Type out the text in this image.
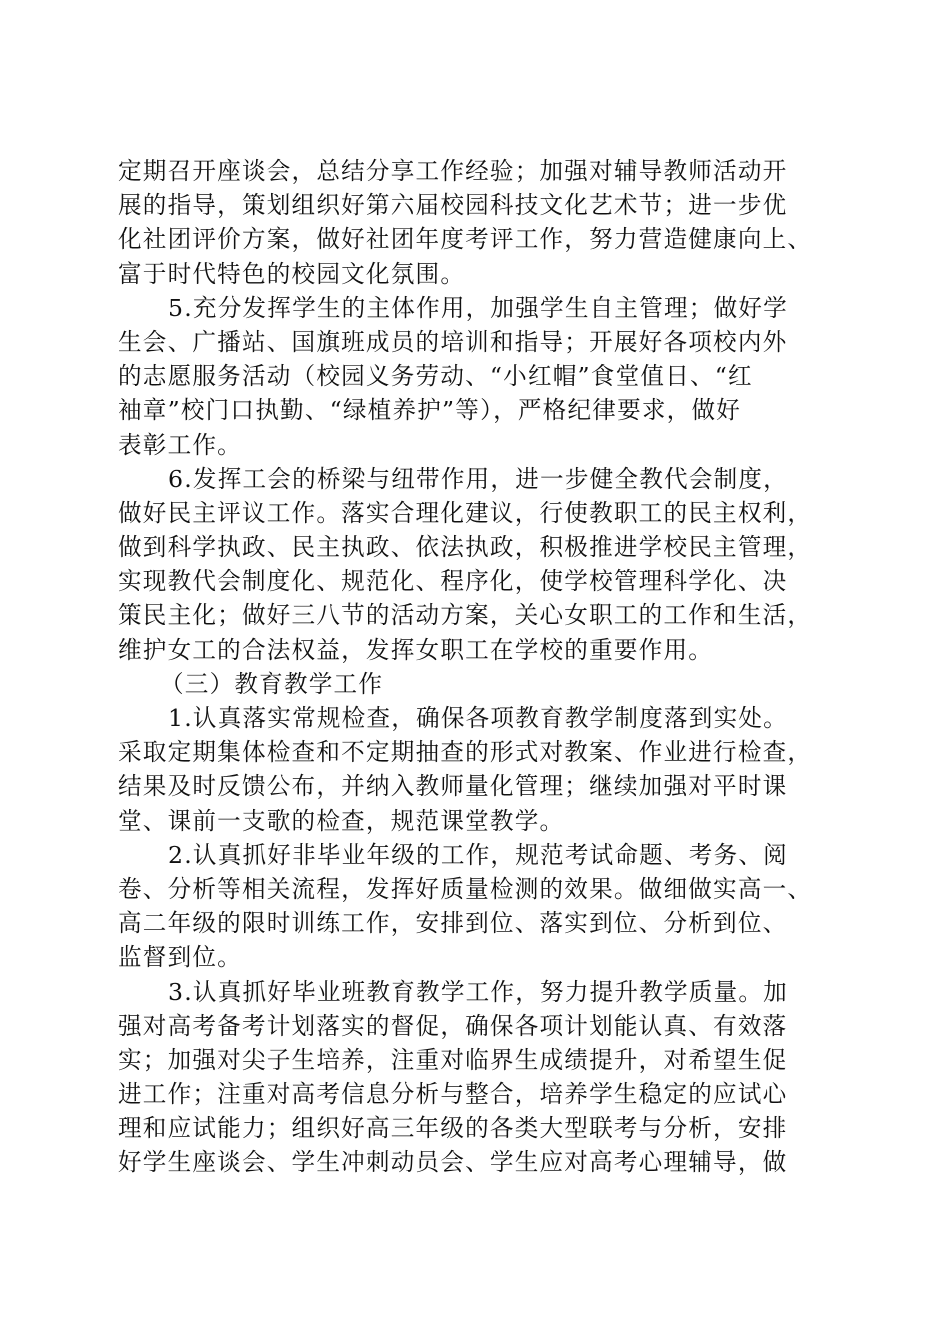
定期召开座谈会，总结分享工作经验；加强对辅导教师活动开
展的指导，策划组织好第六届校园科技文化艺术节；进一步优
化社团评价方案，做好社团年度考评工作，努力营造健康向上、
富于时代特色的校园文化氛围。
5.充分发挥学生的主体作用，加强学生自主管理；做好学
生会、广播站、国旗班成员的培训和指导；开展好各项校内外
的志愿服务活动（校园义务劳动、“小红帽”食堂值日、“红
袖章”校门口执勤、“绿植养护”等），严格纪律要求，做好
表彰工作。
6.发挥工会的桥梁与纽带作用，进一步健全教代会制度，
做好民主评议工作。落实合理化建议，行使教职工的民主权利，
做到科学执政、民主执政、依法执政，积极推进学校民主管理，
实现教代会制度化、规范化、程序化，使学校管理科学化、决
策民主化；做好三八节的活动方案，关心女职工的工作和生活，
维护女工的合法权益，发挥女职工在学校的重要作用。
（三）教育教学工作
1.认真落实常规检查，确保各项教育教学制度落到实处。
采取定期集体检查和不定期抽查的形式对教案、作业进行检查，
结果及时反馈公布，并纳入教师量化管理；继续加强对平时课
堂、课前一支歌的检查，规范课堂教学。
2.认真抓好非毕业年级的工作，规范考试命题、考务、阅
卷、分析等相关流程，发挥好质量检测的效果。做细做实高一、
高二年级的限时训练工作，安排到位、落实到位、分析到位、
监督到位。
3.认真抓好毕业班教育教学工作，努力提升教学质量。加
强对高考备考计划落实的督促，确保各项计划能认真、有效落
实；加强对尖子生培养，注重对临界生成绩提升，对希望生促
进工作；注重对高考信息分析与整合，培养学生稳定的应试心
理和应试能力；组织好高三年级的各类大型联考与分析，安排
好学生座谈会、学生冲刺动员会、学生应对高考心理辅导，做
